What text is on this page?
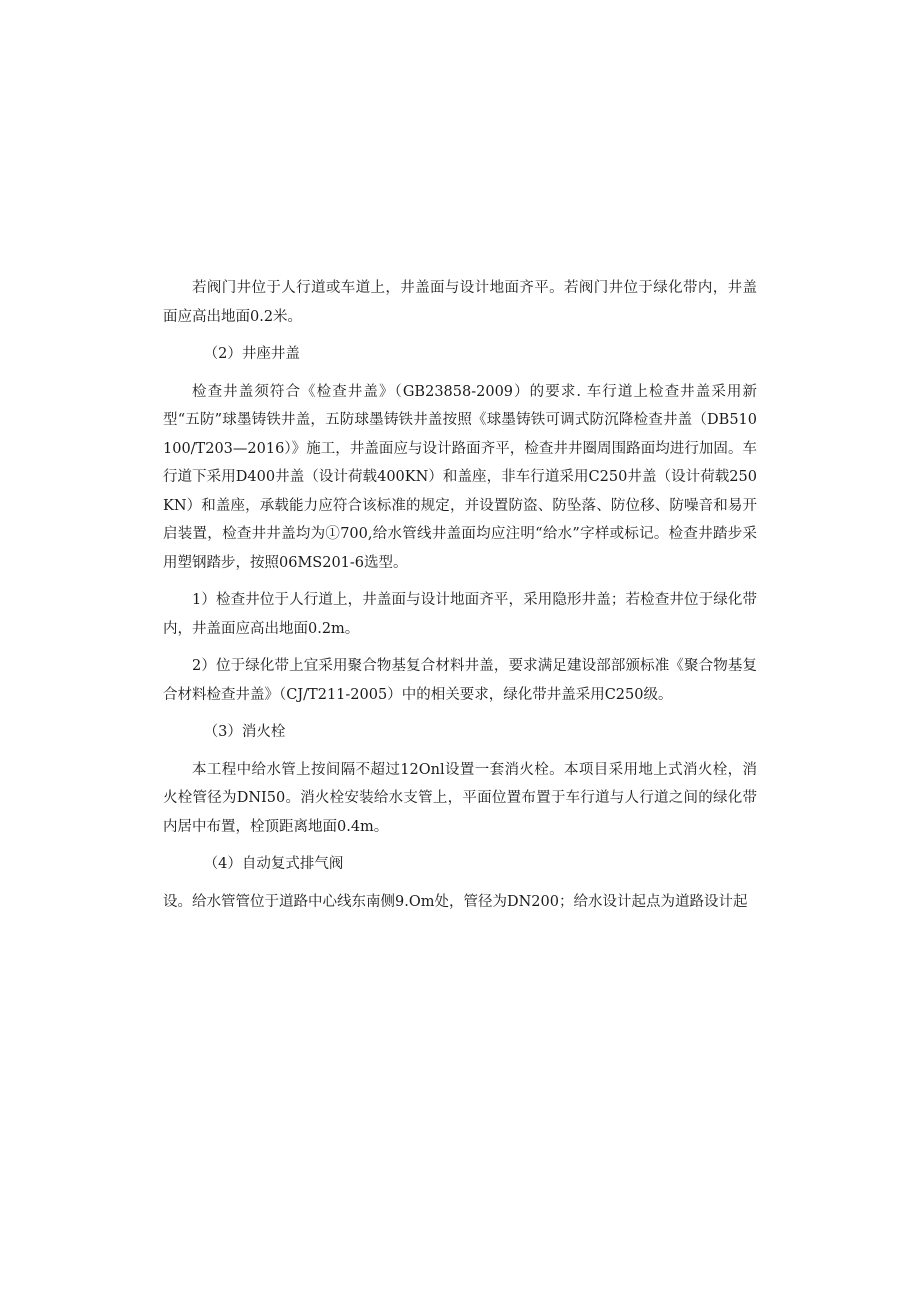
若阀门井位于人行道或车道上，井盖面与设计地面齐平。若阀门井位于绿化带内，井盖面应高出地面0.2米。

（2）井座井盖

检查井盖须符合《检查井盖》（GB23858-2009）的要求. 车行道上检查井盖采用新型“五防”球墨铸铁井盖，五防球墨铸铁井盖按照《球墨铸铁可调式防沉降检查井盖（DB510100/T203—2016）》施工，井盖面应与设计路面齐平，检查井井圈周围路面均进行加固。车行道下采用D400井盖（设计荷载400KN）和盖座，非车行道采用C250井盖（设计荷载250KN）和盖座，承载能力应符合该标准的规定，并设置防盗、防坠落、防位移、防噪音和易开启装置，检查井井盖均为①700,给水管线井盖面均应注明“给水”字样或标记。检查井踏步采用塑钢踏步，按照06MS201-6选型。

1）检查井位于人行道上，井盖面与设计地面齐平，采用隐形井盖；若检查井位于绿化带内，井盖面应高出地面0.2m。

2）位于绿化带上宜采用聚合物基复合材料井盖，要求满足建设部部颁标准《聚合物基复合材料检查井盖》（CJ/T211-2005）中的相关要求，绿化带井盖采用C250级。

（3）消火栓

本工程中给水管上按间隔不超过12Onl设置一套消火栓。本项目采用地上式消火栓，消火栓管径为DNI50。消火栓安装给水支管上，平面位置布置于车行道与人行道之间的绿化带内居中布置，栓顶距离地面0.4m。

（4）自动复式排气阀

设。给水管管位于道路中心线东南侧9.Om处，管径为DN200；给水设计起点为道路设计起
